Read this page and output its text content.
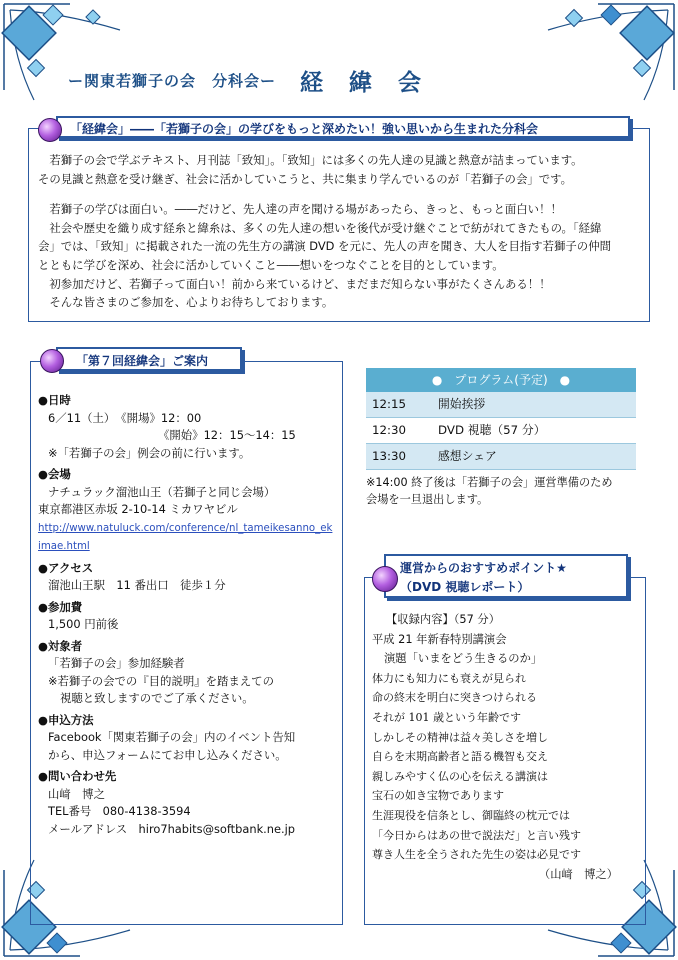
ー関東若獅子の会　分科会ー 経 緯 会
「経緯会」――「若獅子の会」の学びをもっと深めたい！強い思いから生まれた分科会

　若獅子の会で学ぶテキスト、月刊誌「致知」。「致知」には多くの先人達の見識と熱意が詰まっています。

その見識と熱意を受け継ぎ、社会に活かしていこうと、共に集まり学んでいるのが「若獅子の会」です。

　若獅子の学びは面白い。――だけど、先人達の声を聞ける場があったら、きっと、もっと面白い！！

　社会や歴史を織り成す経糸と緯糸は、多くの先人達の想いを後代が受け継ぐことで紡がれてきたもの。「経緯

会」では、「致知」に掲載された一流の先生方の講演 DVD を元に、先人の声を聞き、大人を目指す若獅子の仲間

とともに学びを深め、社会に活かしていくこと――想いをつなぐことを目的としています。

　初参加だけど、若獅子って面白い！前から来ているけど、まだまだ知らない事がたくさんある！！

　そんな皆さまのご参加を、心よりお待ちしております。

「第７回経緯会」ご案内
●日時
6／11（土）　《開場》12：00
《開始》12：15～14：15
※「若獅子の会」例会の前に行います。
●会場
ナチュラック溜池山王（若獅子と同じ会場）
東京都港区赤坂 2-10-14 ミカワヤビル
http://www.natuluck.com/conference/nl_tameikesanno_ek
imae.html
●アクセス
溜池山王駅　11 番出口　徒歩１分
●参加費
1,500 円前後
●対象者
「若獅子の会」参加経験者
※若獅子の会での『目的説明』を踏まえての
視聴と致しますのでご了承ください。
●申込方法
Facebook「関東若獅子の会」内のイベント告知
から、申込フォームにてお申し込みください。
●問い合わせ先
山﨑　博之
TEL番号　080-4138-3594
メールアドレス　hiro7habits@softbank.ne.jp
●　プログラム(予定)　●
12:15	開始挨拶
12:30	DVD 視聴（57 分）
13:30	感想シェア
※14:00 終了後は「若獅子の会」運営準備のため
会場を一旦退出します。
運営からのおすすめポイント★
（DVD 視聴レポート）
【収録内容】（57 分）
平成 21 年新春特別講演会
演題「いまをどう生きるのか」
体力にも知力にも衰えが見られ
命の終末を明白に突きつけられる
それが 101 歳という年齢です
しかしその精神は益々美しさを増し
自らを末期高齢者と語る機智も交え
親しみやすく仏の心を伝える講演は
宝石の如き宝物であります
生涯現役を信条とし、御臨終の枕元では
「今日からはあの世で説法だ」と言い残す
尊き人生を全うされた先生の姿は必見です
（山﨑　博之）
